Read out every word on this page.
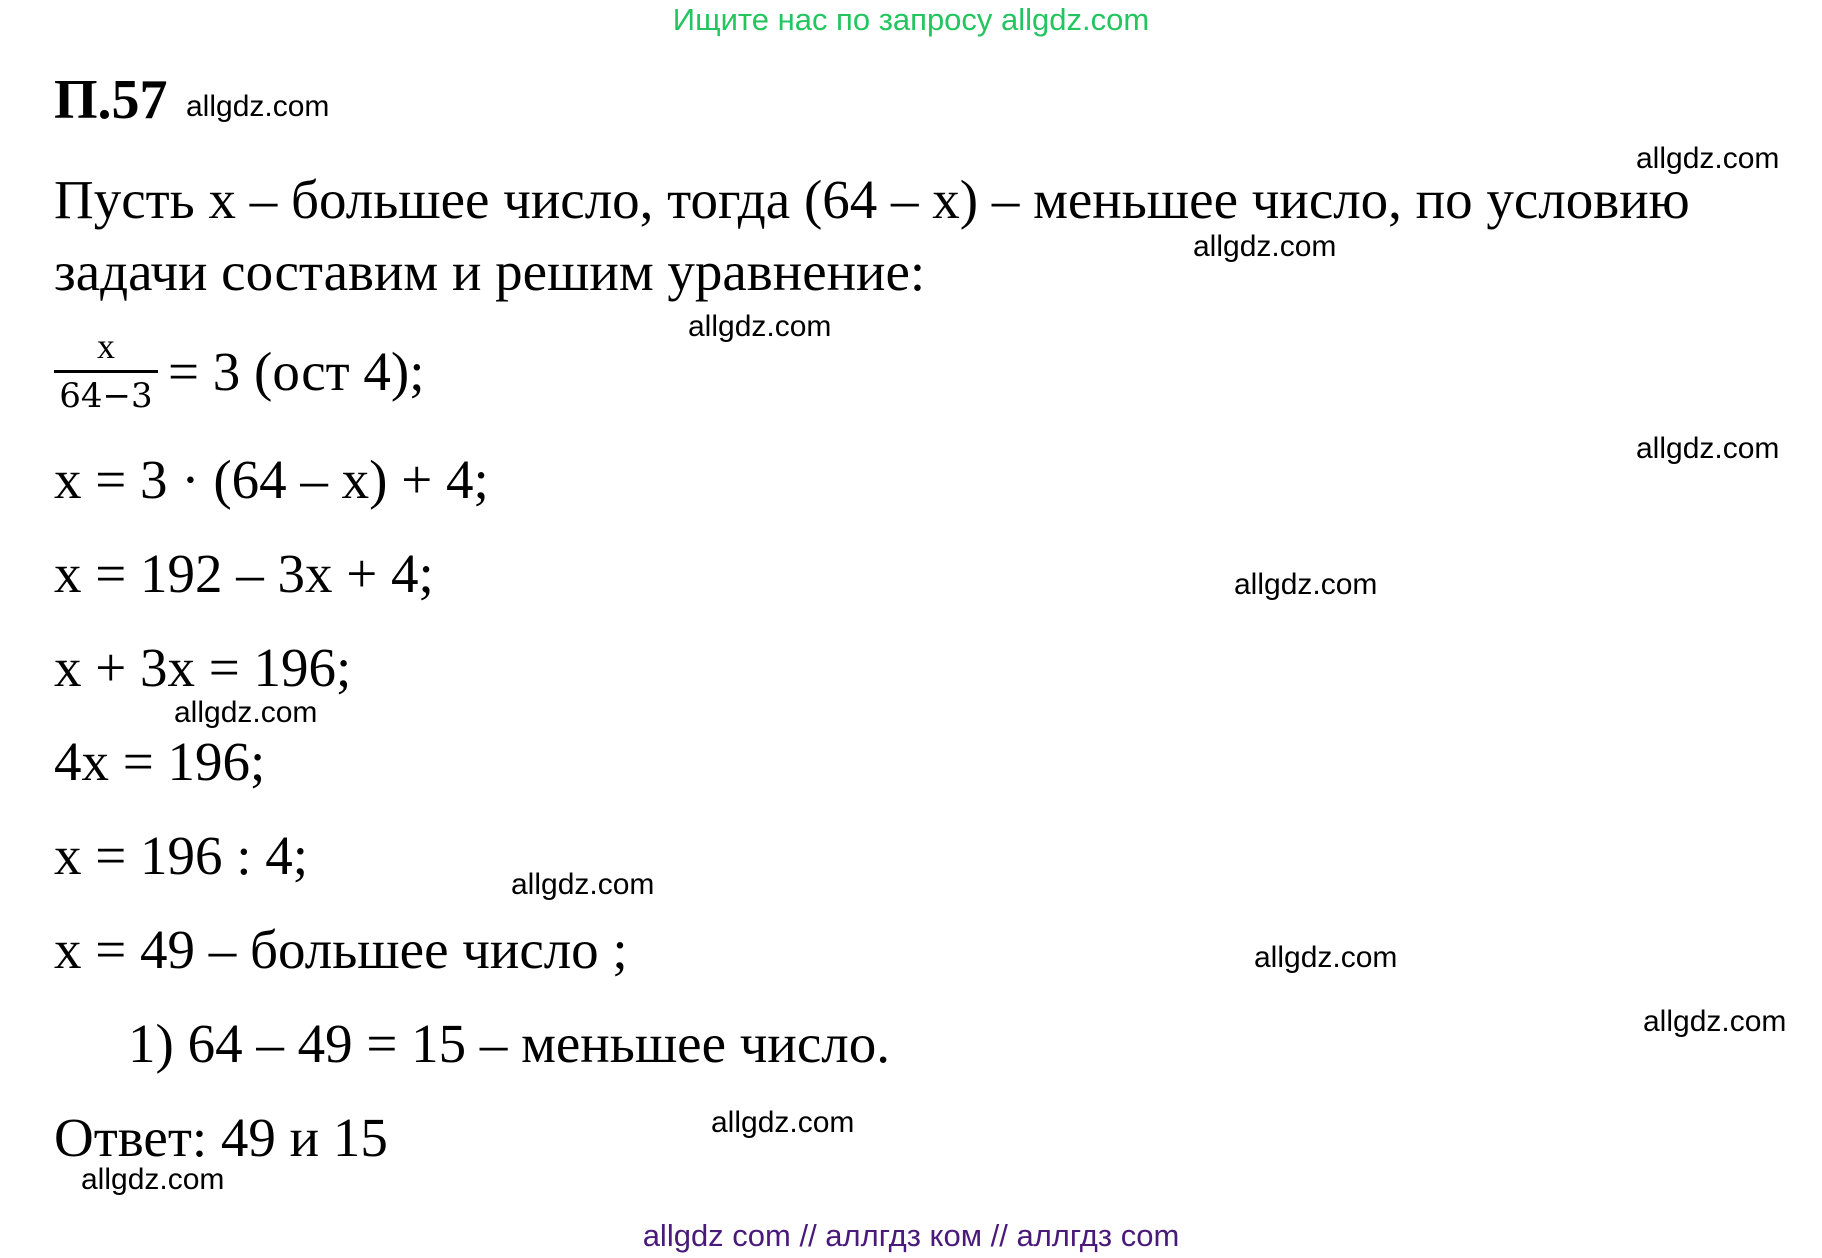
Ищите нас по запросу allgdz.com
П.57 allgdz.com
Пусть х – большее число, тогда (64 – х) – меньшее число, по условию
задачи составим и решим уравнение:
х
64−3 = 3 (ост 4);
х = 3 · (64 – х) + 4;
х = 192 – 3х + 4;
х + 3х = 196;
4х = 196;
х = 196 : 4;
х = 49 – большее число ;
1) 64 – 49 = 15 – меньшее число.
Ответ: 49 и 15
allgdz.com
allgdz.com
allgdz.com
allgdz.com
allgdz.com
allgdz.com
allgdz.com
allgdz.com
allgdz.com
allgdz.com
allgdz.com
allgdz com // аллгдз ком // аллгдз com
